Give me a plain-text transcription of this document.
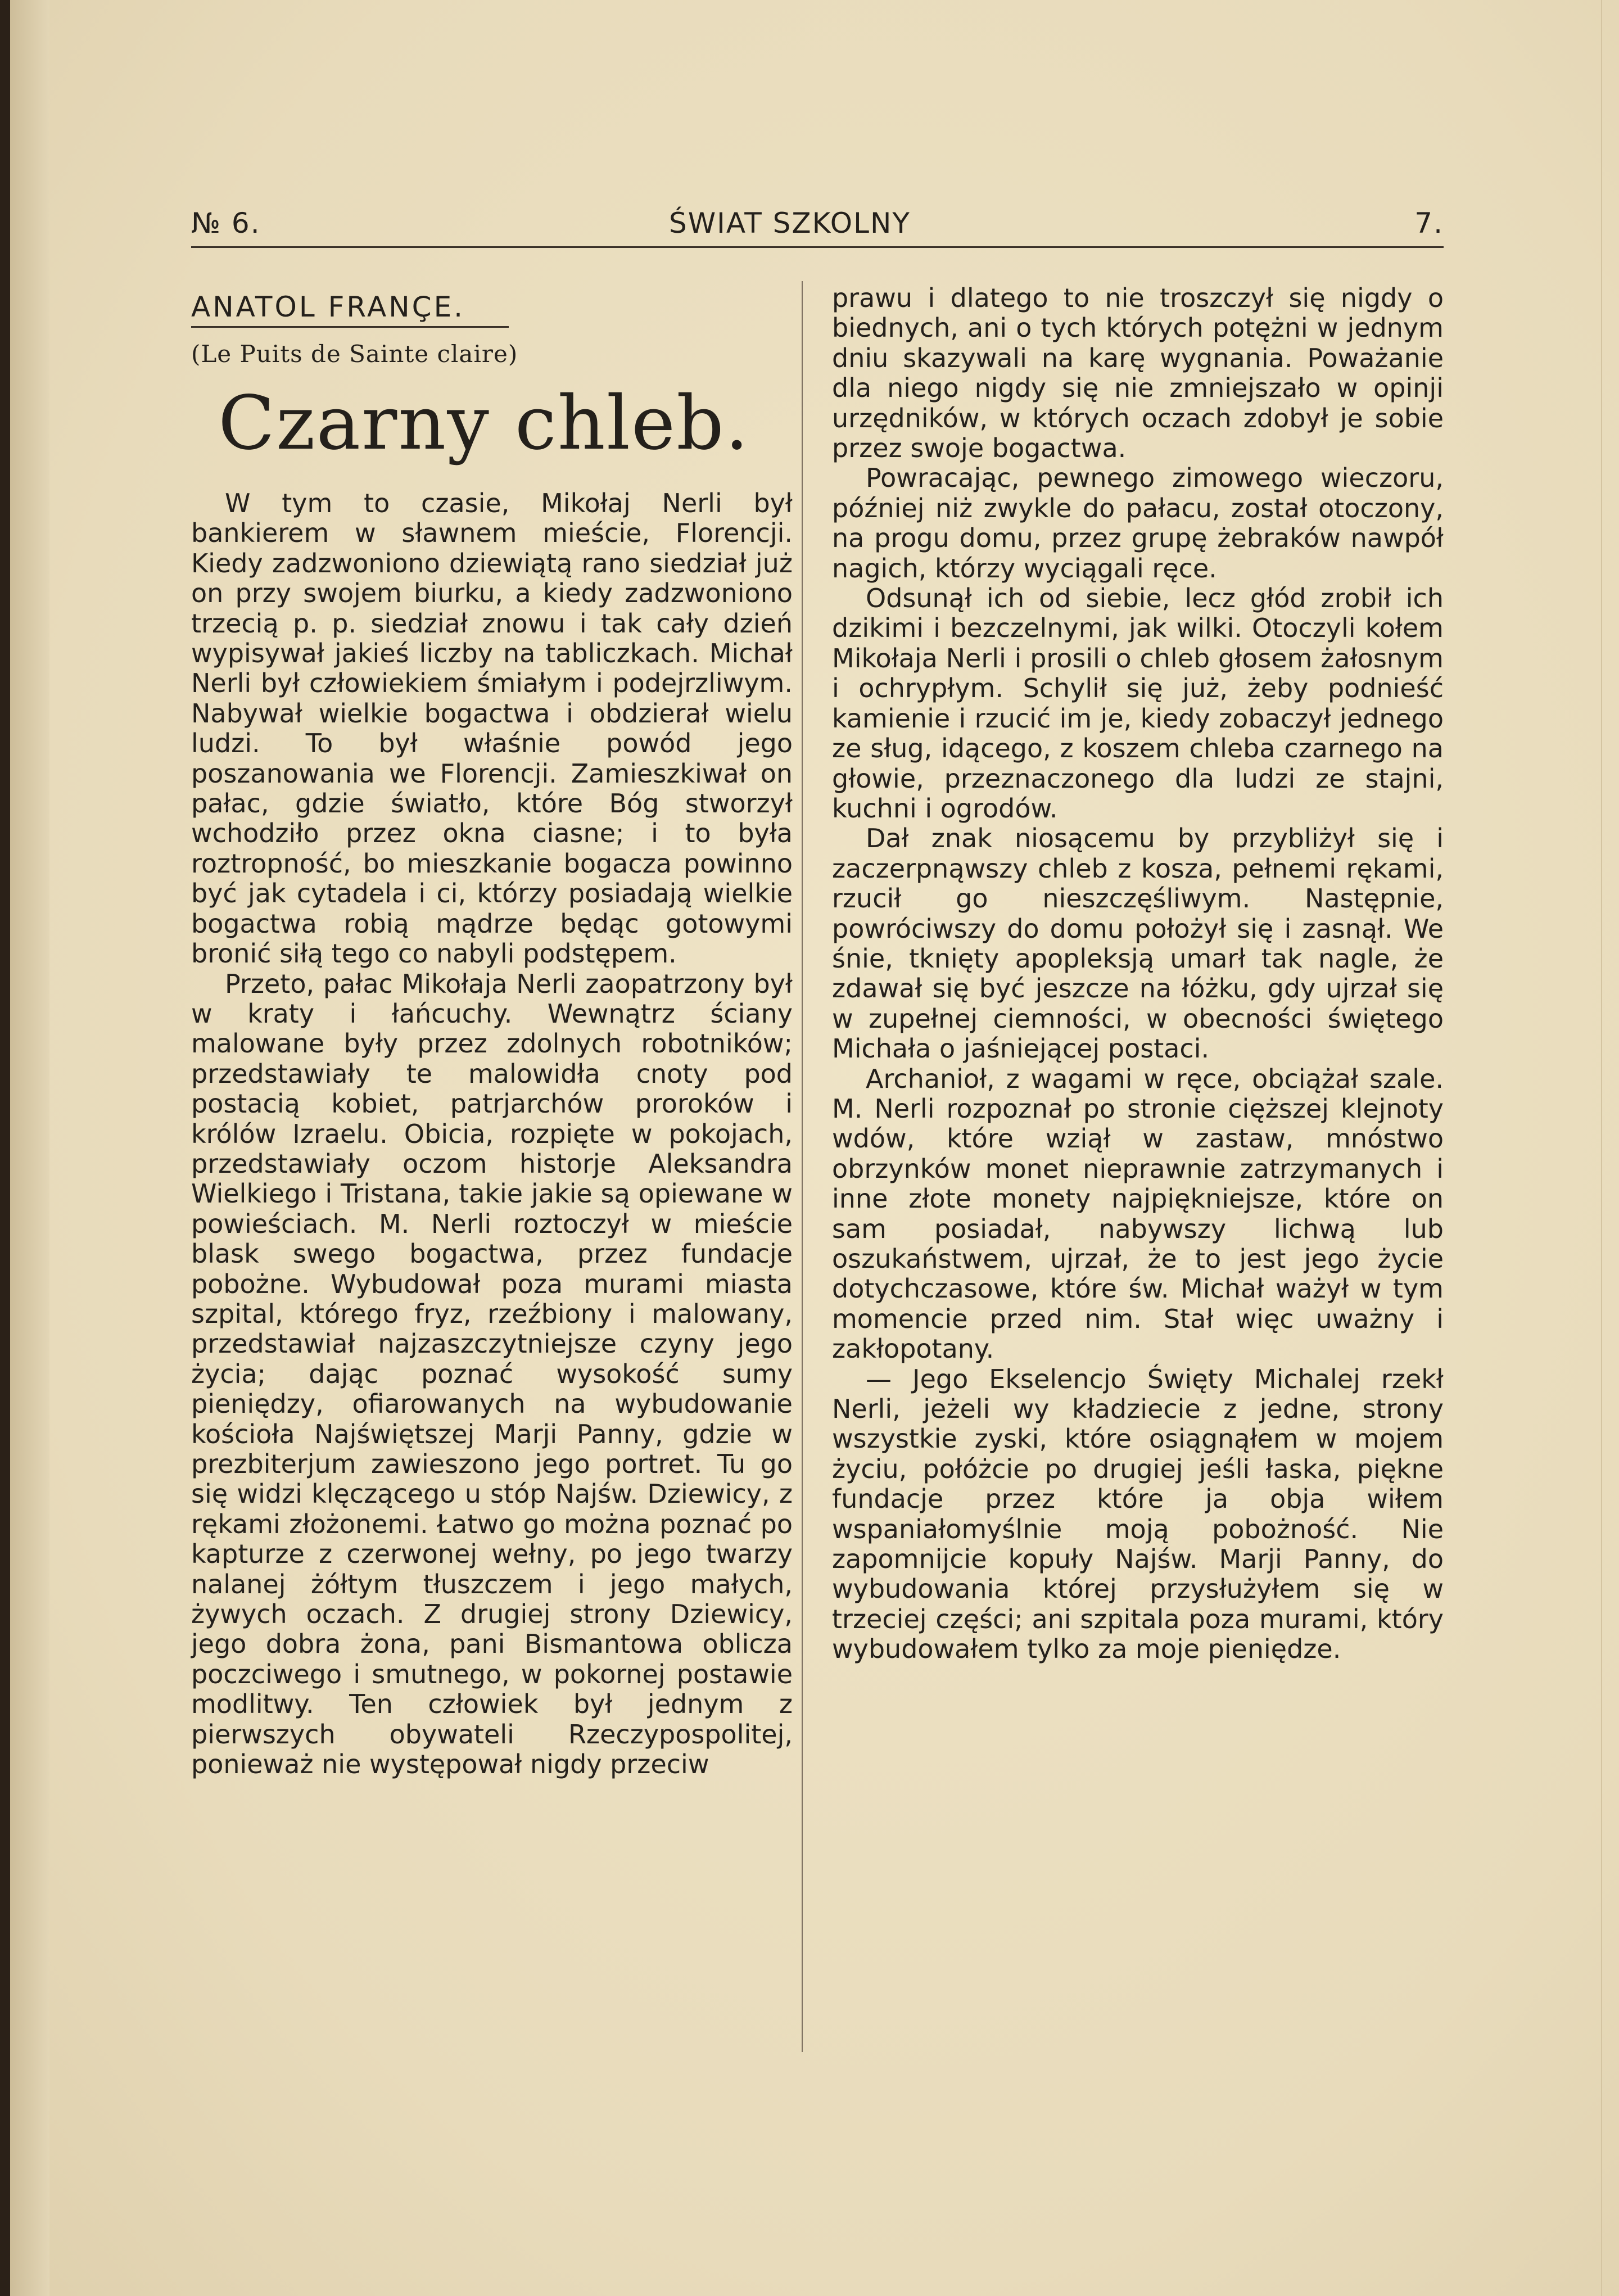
№ 6.	ŚWIAT SZKOLNY	7.
ANATOL FRANÇE.
(Le Puits de Sainte claire)
Czarny chleb.

W tym to czasie, Mikołaj Nerli był bankierem w sławnem mieście, Florencji. Kiedy zadzwoniono dziewiątą rano siedział już on przy swojem biurku, a kiedy zadzwoniono trzecią p. p. siedział znowu i tak cały dzień wypisywał jakieś liczby na tabliczkach. Michał Nerli był człowiekiem śmiałym i podejrzliwym. Nabywał wielkie bogactwa i obdzierał wielu ludzi. To był właśnie powód jego poszanowania we Florencji. Zamieszkiwał on pałac, gdzie światło, które Bóg stworzył wchodziło przez okna ciasne; i to była roztropność, bo mieszkanie bogacza powinno być jak cytadela i ci, którzy posiadają wielkie bogactwa robią mądrze będąc gotowymi bronić siłą tego co nabyli podstępem.

Przeto, pałac Mikołaja Nerli zaopatrzony był w kraty i łańcuchy. Wewnątrz ściany malowane były przez zdolnych robotników; przedstawiały te malowidła cnoty pod postacią kobiet, patrjarchów proroków i królów Izraelu. Obicia, rozpięte w pokojach, przedstawiały oczom historje Aleksandra Wielkiego i Tristana, takie jakie są opiewane w powieściach. M. Nerli roztoczył w mieście blask swego bogactwa, przez fundacje pobożne. Wybudował poza murami miasta szpital, którego fryz, rzeźbiony i malowany, przedstawiał najzaszczytniejsze czyny jego życia; dając poznać wysokość sumy pieniędzy, ofiarowanych na wybudowanie kościoła Najświętszej Marji Panny, gdzie w prezbiterjum zawieszono jego portret. Tu go się widzi klęczącego u stóp Najśw. Dziewicy, z rękami złożonemi. Łatwo go można poznać po kapturze z czerwonej wełny, po jego twarzy nalanej żółtym tłuszczem i jego małych, żywych oczach. Z drugiej strony Dziewicy, jego dobra żona, pani Bismantowa oblicza poczciwego i smutnego, w pokornej postawie modlitwy. Ten człowiek był jednym z pierwszych obywateli Rzeczypospolitej, ponieważ nie występował nigdy przeciw

prawu i dlatego to nie troszczył się nigdy o biednych, ani o tych których potężni w jednym dniu skazywali na karę wygnania. Poważanie dla niego nigdy się nie zmniejszało w opinji urzędników, w których oczach zdobył je sobie przez swoje bogactwa.

Powracając, pewnego zimowego wieczoru, później niż zwykle do pałacu, został otoczony, na progu domu, przez grupę żebraków nawpół nagich, którzy wyciągali ręce.

Odsunął ich od siebie, lecz głód zrobił ich dzikimi i bezczelnymi, jak wilki. Otoczyli kołem Mikołaja Nerli i prosili o chleb głosem żałosnym i ochrypłym. Schylił się już, żeby podnieść kamienie i rzucić im je, kiedy zobaczył jednego ze sług, idącego, z koszem chleba czarnego na głowie, przeznaczonego dla ludzi ze stajni, kuchni i ogrodów.

Dał znak niosącemu by przybliżył się i zaczerpnąwszy chleb z kosza, pełnemi rękami, rzucił go nieszczęśliwym. Następnie, powróciwszy do domu położył się i zasnął. We śnie, tknięty apopleksją umarł tak nagle, że zdawał się być jeszcze na łóżku, gdy ujrzał się w zupełnej ciemności, w obecności świętego Michała o jaśniejącej postaci.

Archanioł, z wagami w ręce, obciążał szale. M. Nerli rozpoznał po stronie cięższej klejnoty wdów, które wziął w zastaw, mnóstwo obrzynków monet nieprawnie zatrzymanych i inne złote monety najpiękniejsze, które on sam posiadał, nabywszy lichwą lub oszukaństwem, ujrzał, że to jest jego życie dotychczasowe, które św. Michał ważył w tym momencie przed nim. Stał więc uważny i zakłopotany.

— Jego Ekselencjo Święty Michalej rzekł Nerli, jeżeli wy kładziecie z jedne, strony wszystkie zyski, które osiągnąłem w mojem życiu, połóżcie po drugiej jeśli łaska, piękne fundacje przez które ja obja wiłem wspaniałomyślnie moją pobożność. Nie zapomnijcie kopuły Najśw. Marji Panny, do wybudowania której przysłużyłem się w trzeciej części; ani szpitala poza murami, który wybudowałem tylko za moje pieniędze.
